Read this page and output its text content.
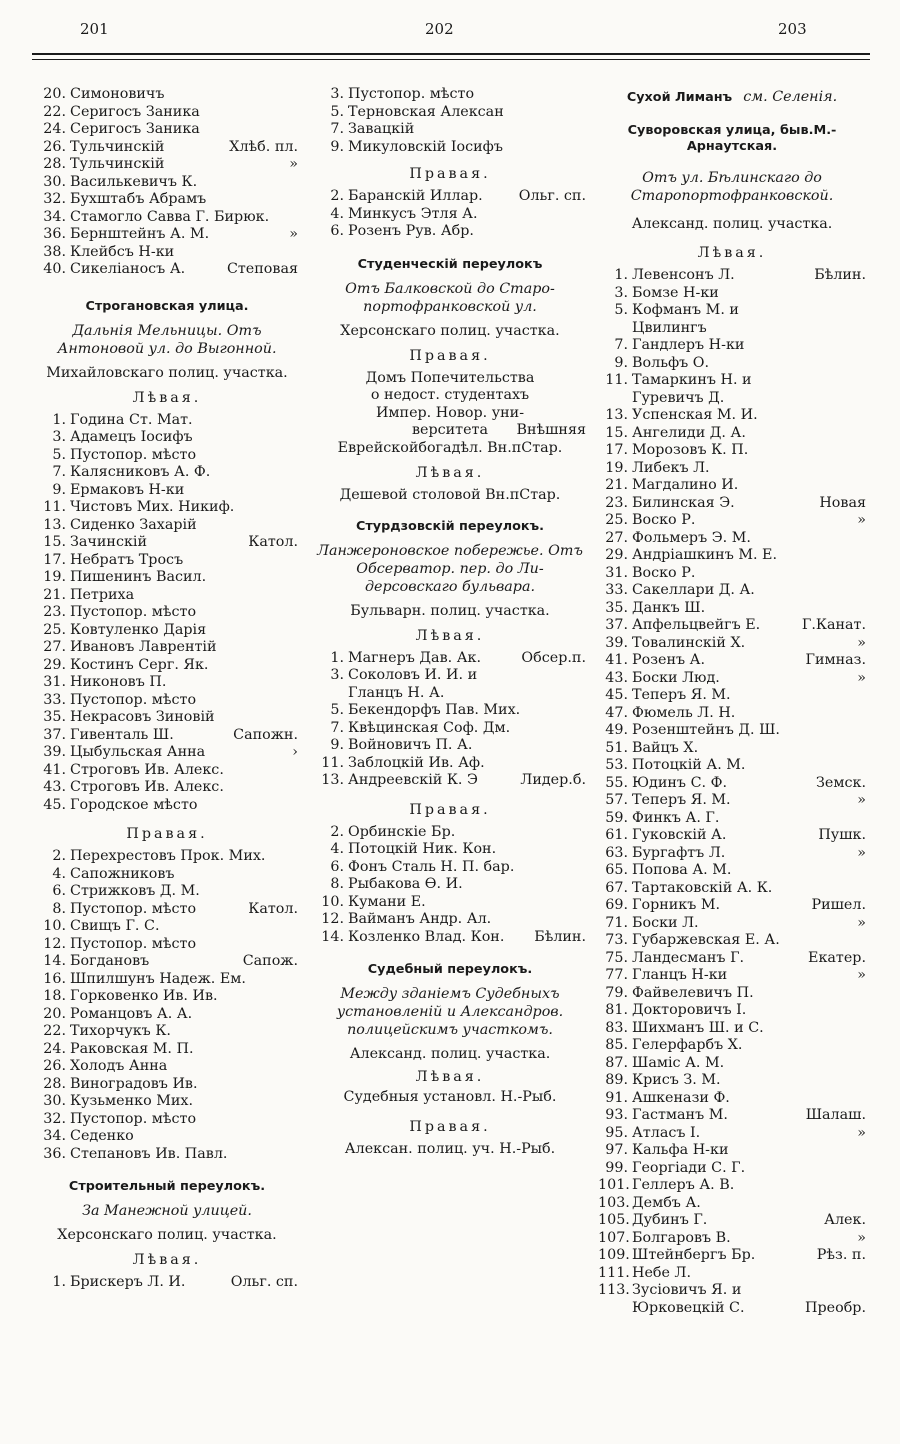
201	202	203
20. Симоновичъ
22. Серигосъ Заника
24. Серигосъ Заника
26. Тульчинскій	Хлѣб. пл.
28. Тульчинскій	»
30. Василькевичъ К.
32. Бухштабъ Абрамъ
34. Стамогло Савва Г. Бирюк.
36. Бернштейнъ А. М.	»
38. Клейбсъ Н-ки
40. Сикеліаносъ А.	Степовая
Строгановская улица.
Дальнія Мельницы. Отъ Антоновой ул. до Выгонной.
Михайловскаго полиц. участка.
Лѣвая.
1. Година Ст. Мат.
3. Адамецъ Іосифъ
5. Пустопор. мѣсто
7. Калясниковъ А. Ф.
9. Ермаковъ Н-ки
11. Чистовъ Мих. Никиф.
13. Сиденко Захарій
15. Зачинскій	Катол.
17. Небратъ Тросъ
19. Пишенинъ Васил.
21. Петриха
23. Пустопор. мѣсто
25. Ковтуленко Дарія
27. Ивановъ Лаврентій
29. Костинъ Серг. Як.
31. Никоновъ П.
33. Пустопор. мѣсто
35. Некрасовъ Зиновій
37. Гивенталь Ш.	Сапожн.
39. Цыбульская Анна	›
41. Строговъ Ив. Алекс.
43. Строговъ Ив. Алекс.
45. Городское мѣсто
Правая.
2. Перехрестовъ Прок. Мих.
4. Сапожниковъ
6. Стрижковъ Д. М.
8. Пустопор. мѣсто	Катол.
10. Свищъ Г. С.
12. Пустопор. мѣсто
14. Богдановъ	Сапож.
16. Шпилшунъ Надеж. Ем.
18. Горковенко Ив. Ив.
20. Романцовъ А. А.
22. Тихорчукъ К.
24. Раковская М. П.
26. Холодъ Анна
28. Виноградовъ Ив.
30. Кузьменко Мих.
32. Пустопор. мѣсто
34. Седенко
36. Степановъ Ив. Павл.
Строительный переулокъ.
За Манежной улицей.
Херсонскаго полиц. участка.
Лѣвая.
1. Брискеръ Л. И.	Ольг. сп.
3. Пустопор. мѣсто
5. Терновская Алексан
7. Завацкій
9. Микуловскій Іосифъ
Правая.
2. Баранскій Иллар.	Ольг. сп.
4. Минкусъ Этля А.
6. Розенъ Рув. Абр.
Студенческій переулокъ
Отъ Балковской до Старо-портофранковской ул.
Херсонскаго полиц. участка.
Правая.
Домъ Попечительства
о недост. студентахъ
Импер. Новор. уни-
верситета Внѣшняя
Еврейскойбогадѣл. Вн.пСтар.
Лѣвая.
Дешевой столовой Вн.пСтар.
Стурдзовскій переулокъ.
Ланжероновское побережье. Отъ Обсерватор. пер. до Ли-дерсовскаго бульвара.
Бульварн. полиц. участка.
Лѣвая.
1. Магнеръ Дав. Ак.	Обсер.п.
3. Соколовъ И. И. и
Гланцъ Н. А.
5. Бекендорфъ Пав. Мих.
7. Квѣцинская Соф. Дм.
9. Войновичъ П. А.
11. Заблоцкій Ив. Аф.
13. Андреевскій К. Э	Лидер.б.
Правая.
2. Орбинскіе Бр.
4. Потоцкій Ник. Кон.
6. Фонъ Сталь Н. П. бар.
8. Рыбакова Ѳ. И.
10. Кумани Е.
12. Вайманъ Андр. Ал.
14. Козленко Влад. Кон. Бѣлин.
Судебный переулокъ.
Между зданіемъ Судебныхъ установленій и Александров. полицейскимъ участкомъ.
Александ. полиц. участка.
Лѣвая.
Судебныя установл. Н.-Рыб.
Правая.
Алексан. полиц. уч. Н.-Рыб.
Сухой Лиманъ см. Селенія.
Суворовская улица, быв.М.-Арнаутская.
Отъ ул. Бѣлинскаго до Старопортофранковской.
Александ. полиц. участка.
Лѣвая.
1. Левенсонъ Л.	Бѣлин.
3. Бомзе Н-ки
5. Кофманъ М. и
Цвилингъ
7. Гандлеръ Н-ки
9. Вольфъ О.
11. Тамаркинъ Н. и
Гуревичъ Д.
13. Успенская М. И.
15. Ангелиди Д. А.
17. Морозовъ К. П.
19. Либекъ Л.
21. Магдалино И.
23. Билинская Э.	Новая
25. Воско Р.	»
27. Фольмеръ Э. М.
29. Андріашкинъ М. Е.
31. Воско Р.
33. Сакеллари Д. А.
35. Данкъ Ш.
37. Апфельцвейгъ Е.	Г.Канат.
39. Товалинскій Х.	»
41. Розенъ А.	Гимназ.
43. Боски Люд.	»
45. Теперъ Я. М.
47. Фюмель Л. Н.
49. Розенштейнъ Д. Ш.
51. Вайцъ Х.
53. Потоцкій А. М.
55. Юдинъ С. Ф.	Земск.
57. Теперъ Я. М.	»
59. Финкъ А. Г.
61. Гуковскій А.	Пушк.
63. Бургафтъ Л.	»
65. Попова А. М.
67. Тартаковскій А. К.
69. Горникъ М.	Ришел.
71. Боски Л.	»
73. Губаржевская Е. А.
75. Ландесманъ Г.	Екатер.
77. Гланцъ Н-ки	»
79. Файвелевичъ П.
81. Докторовичъ І.
83. Шихманъ Ш. и С.
85. Гелерфарбъ Х.
87. Шаміс А. М.
89. Крисъ З. М.
91. Ашкенази Ф.
93. Гастманъ М.	Шалаш.
95. Атласъ І.	»
97. Кальфа Н-ки
99. Георгіади С. Г.
101. Геллеръ А. В.
103. Дембъ А.
105. Дубинъ Г.	Алек.
107. Болгаровъ В.	»
109. Штейнбергъ Бр.	Рѣз. п.
111. Небе Л.
113. Зусіовичъ Я. и
Юрковецкій С.	Преобр.
